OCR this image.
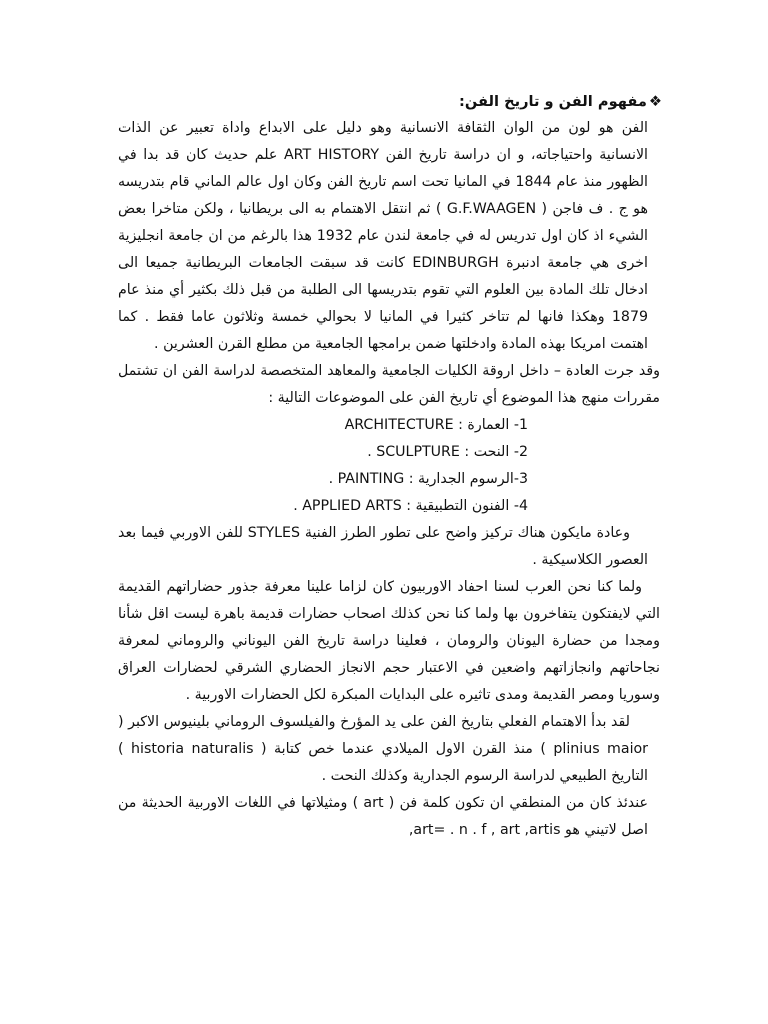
❖مفهوم الفن و تاريخ الفن:

الفن هو لون من الوان الثقافة الانسانية وهو دليل على الابداع واداة تعبير عن الذات الانسانية واحتياجاته، و ان دراسة تاريخ الفن ART HISTORY علم حديث كان قد بدا في الظهور منذ عام 1844 في المانيا تحت اسم تاريخ الفن وكان اول عالم الماني قام بتدريسه هو ج . ف فاجن ( G.F.WAAGEN ) ثم انتقل الاهتمام به الى بريطانيا ، ولكن متاخرا بعض الشيء اذ كان اول تدريس له في جامعة لندن عام 1932 هذا بالرغم من ان جامعة انجليزية اخرى هي جامعة ادنبرة EDINBURGH كانت قد سبقت الجامعات البريطانية جميعا الى ادخال تلك المادة بين العلوم التي تقوم بتدريسها الى الطلبة من قبل ذلك بكثير أي منذ عام 1879 وهكذا فانها لم تتاخر كثيرا في المانيا لا بحوالي خمسة وثلاثون عاما فقط . كما اهتمت امريكا بهذه المادة وادخلتها ضمن برامجها الجامعية من مطلع القرن العشرين .

وقد جرت العادة – داخل اروقة الكليات الجامعية والمعاهد المتخصصة لدراسة الفن ان تشتمل مقررات منهج هذا الموضوع أي تاريخ الفن على الموضوعات التالية :

1- العمارة : ARCHITECTURE

2- النحت : SCULPTURE .

3-الرسوم الجدارية : PAINTING .

4- الفنون التطبيقية : APPLIED ARTS .

وعادة مايكون هناك تركيز واضح على تطور الطرز الفنية STYLES للفن الاوربي فيما بعد العصور الكلاسيكية .

ولما كنا نحن العرب لسنا احفاد الاوربيون كان لزاما علينا معرفة جذور حضاراتهم القديمة التي لايفتكون يتفاخرون بها ولما كنا نحن كذلك اصحاب حضارات قديمة باهرة ليست اقل شأنا ومجدا من حضارة اليونان والرومان ، فعلينا دراسة تاريخ الفن اليوناني والروماني لمعرفة نجاحاتهم وانجازاتهم واضعين في الاعتبار حجم الانجاز الحضاري الشرقي لحضارات العراق وسوريا ومصر القديمة ومدى تاثيره على البدايات المبكرة لكل الحضارات الاوربية .

لقد بدأ الاهتمام الفعلي بتاريخ الفن على يد المؤرخ والفيلسوف الروماني بلينيوس الاكبر ( plinius maior ) منذ القرن الاول الميلادي عندما خص كتابة ( historia naturalis ) التاريخ الطبيعي لدراسة الرسوم الجدارية وكذلك النحت .

عندئذ كان من المنطقي ان تكون كلمة فن ( art ) ومثيلاتها في اللغات الاوربية الحديثة من اصل لاتيني هو art= . n . f , art ,artis,
